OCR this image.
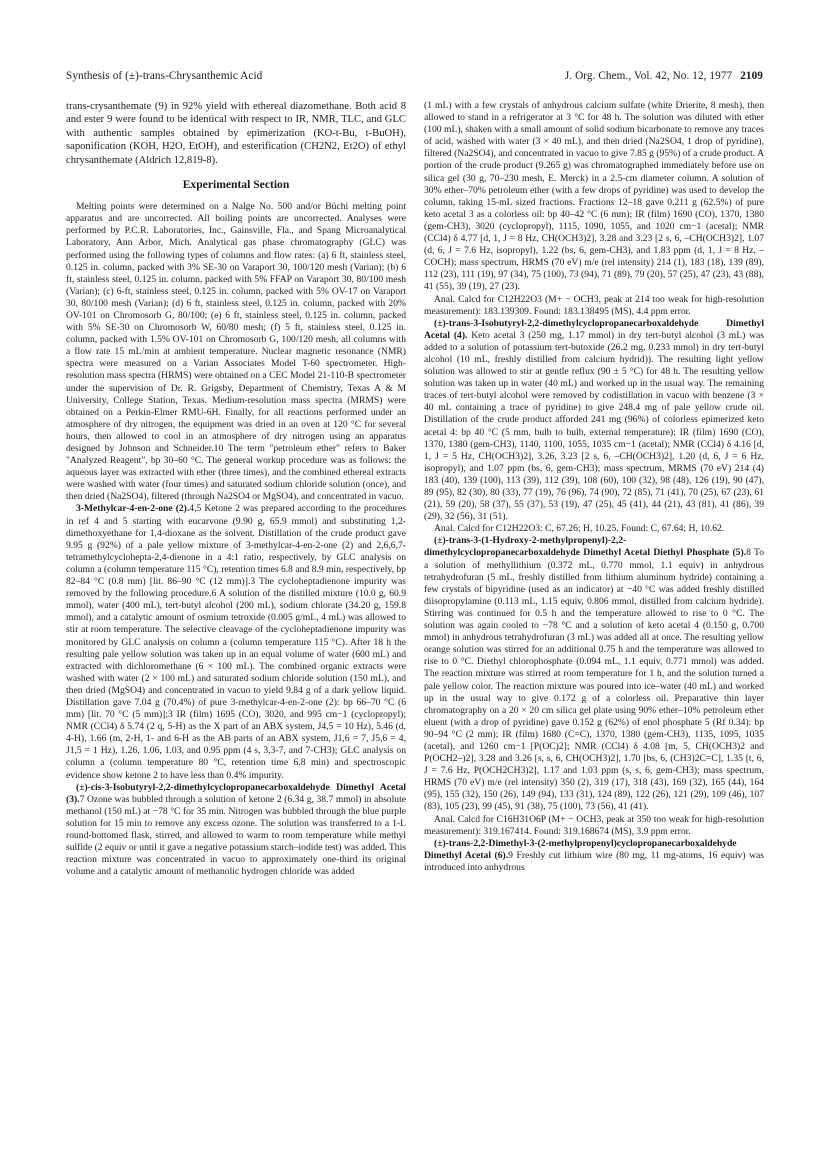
Synthesis of (±)-trans-Chrysanthemic Acid	J. Org. Chem., Vol. 42, No. 12, 1977 2109

trans-crysanthemate (9) in 92% yield with ethereal diazomethane. Both acid 8 and ester 9 were found to be identical with respect to IR, NMR, TLC, and GLC with authentic samples obtained by epimerization (KO-t-Bu, t-BuOH), saponification (KOH, H2O, EtOH), and esterification (CH2N2, Et2O) of ethyl chrysanthemate (Aldrich 12,819-8).

Experimental Section

Melting points were determined on a Nalge No. 500 and/or Büchi melting point apparatus and are uncorrected. All boiling points are uncorrected. Analyses were performed by P.C.R. Laboratories, Inc., Gainsville, Fla., and Spang Microanalytical Laboratory, Ann Arbor, Mich. Analytical gas phase chromatography (GLC) was performed using the following types of columns and flow rates: (a) 6 ft, stainless steel, 0.125 in. column, packed with 3% SE-30 on Varaport 30, 100/120 mesh (Varian); (b) 6 ft, stainless steel, 0.125 in. column, packed with 5% FFAP on Varaport 30, 80/100 mesh (Varian); (c) 6-ft, stainless steel, 0.125 in. column, packed with 5% OV-17 on Varaport 30, 80/100 mesh (Varian); (d) 6 ft, stainless steel, 0.125 in. column, packed with 20% OV-101 on Chromosorb G, 80/100; (e) 6 ft, stainless steel, 0.125 in. column, packed with 5% SE-30 on Chromosorb W, 60/80 mesh; (f) 5 ft, stainless steel, 0.125 in. column, packed with 1.5% OV-101 on Chromosorb G, 100/120 mesh, all columns with a flow rate 15 mL/min at ambient temperature. Nuclear magnetic resonance (NMR) spectra were measured on a Varian Associates Model T-60 spectrometer. High-resolution mass spectra (HRMS) were obtained on a CEC Model 21-110-B spectrometer under the supervision of Dr. R. Grigsby, Department of Chemistry, Texas A & M University, College Station, Texas. Medium-resolution mass spectra (MRMS) were obtained on a Perkin-Elmer RMU-6H. Finally, for all reactions performed under an atmosphere of dry nitrogen, the equipment was dried in an oven at 120 °C for several hours, then allowed to cool in an atmosphere of dry nitrogen using an apparatus designed by Johnson and Schneider.10 The term "petroleum ether" refers to Baker "Analyzed Reagent", bp 30–60 °C. The general workup procedure was as follows: the aqueous layer was extracted with ether (three times), and the combined ethereal extracts were washed with water (four times) and saturated sodium chloride solution (once), and then dried (Na2SO4), filtered (through Na2SO4 or MgSO4), and concentrated in vacuo.

3-Methylcar-4-en-2-one (2).4,5 Ketone 2 was prepared according to the procedures in ref 4 and 5 starting with eucarvone (9.90 g, 65.9 mmol) and substituting 1,2-dimethoxyethane for 1,4-dioxane as the solvent. Distillation of the crude product gave 9.95 g (92%) of a pale yellow mixture of 3-methylcar-4-en-2-one (2) and 2,6,6,7-tetramethylcyclohepta-2,4-dienone in a 4:1 ratio, respectively, by GLC analysis on column a (column temperature 115 °C), retention times 6.8 and 8.9 min, respectively, bp 82–84 °C (0.8 mm) [lit. 86–90 °C (12 mm)].3 The cycloheptadienone impurity was removed by the following procedure.6 A solution of the distilled mixture (10.0 g, 60.9 mmol), water (400 mL), tert-butyl alcohol (200 mL), sodium chlorate (34.20 g, 159.8 mmol), and a catalytic amount of osmium tetroxide (0.005 g/mL, 4 mL) was allowed to stir at room temperature. The selective cleavage of the cycloheptadienone impurity was monitored by GLC analysis on column a (column temperature 115 °C). After 18 h the resulting pale yellow solution was taken up in an equal volume of water (600 mL) and extracted with dichloromethane (6 × 100 mL). The combined organic extracts were washed with water (2 × 100 mL) and saturated sodium chloride solution (150 mL), and then dried (MgSO4) and concentrated in vacuo to yield 9.84 g of a dark yellow liquid. Distillation gave 7.04 g (70.4%) of pure 3-methylcar-4-en-2-one (2): bp 66–70 °C (6 mm) [lit. 70 °C (5 mm)];3 IR (film) 1695 (CO), 3020, and 995 cm−1 (cyclopropyl); NMR (CCl4) δ 5.74 (2 q, 5-H) as the X part of an ABX system, J4,5 = 10 Hz), 5.46 (d, 4-H), 1.66 (m, 2-H, 1- and 6-H as the AB parts of an ABX system, J1,6 = 7, J5,6 = 4, J1,5 = 1 Hz), 1.26, 1.06, 1.03, and 0.95 ppm (4 s, 3,3-7, and 7-CH3); GLC analysis on column a (column temperature 80 °C, retention time 6.8 min) and spectroscopic evidence show ketone 2 to have less than 0.4% impurity.

(±)-cis-3-Isobutyryl-2,2-dimethylcyclopropanecarboxaldehyde Dimethyl Acetal (3).7 Ozone was bubbled through a solution of ketone 2 (6.34 g, 38.7 mmol) in absolute methanol (150 mL) at −78 °C for 35 min. Nitrogen was bubbled through the blue purple solution for 15 min to remove any excess ozone. The solution was transferred to a 1-L round-bottomed flask, stirred, and allowed to warm to room temperature while methyl sulfide (2 equiv or until it gave a negative potassium starch–iodide test) was added. This reaction mixture was concentrated in vacuo to approximately one-third its original volume and a catalytic amount of methanolic hydrogen chloride was added

(1 mL) with a few crystals of anhydrous calcium sulfate (white Drierite, 8 mesh), then allowed to stand in a refrigerator at 3 °C for 48 h. The solution was diluted with ether (100 mL), shaken with a small amount of solid sodium bicarbonate to remove any traces of acid, washed with water (3 × 40 mL), and then dried (Na2SO4, 1 drop of pyridine), filtered (Na2SO4), and concentrated in vacuo to give 7.85 g (95%) of a crude product. A portion of the crude product (9.265 g) was chromatographed immediately before use on silica gel (30 g, 70–230 mesh, E. Merck) in a 2.5-cm diameter column. A solution of 30% ether–70% petroleum ether (with a few drops of pyridine) was used to develop the column, taking 15-mL sized fractions. Fractions 12–18 gave 0.211 g (62.5%) of pure keto acetal 3 as a colorless oil: bp 40–42 °C (6 mm); IR (film) 1690 (CO), 1370, 1380 (gem-CH3), 3020 (cyclopropyl), 1115, 1090, 1055, and 1020 cm−1 (acetal); NMR (CCl4) δ 4.77 [d, 1, J = 8 Hz, CH(OCH3)2], 3.28 and 3.23 [2 s, 6, –CH(OCH3)2], 1.07 (d, 6, J = 7.6 Hz, isopropyl), 1.22 (bs, 6, gem-CH3), and 1.83 ppm (d, 1, J = 8 Hz, –COCH); mass spectrum, HRMS (70 eV) m/e (rel intensity) 214 (1), 183 (18), 139 (89), 112 (23), 111 (19), 97 (34), 75 (100), 73 (94), 71 (89), 79 (20), 57 (25), 47 (23), 43 (88), 41 (55), 39 (19), 27 (23).

Anal. Calcd for C12H22O3 (M+ − OCH3, peak at 214 too weak for high-resolution measurement): 183.139309. Found: 183.138495 (MS), 4.4 ppm error.

(±)-trans-3-Isobutyryl-2,2-dimethylcyclopropanecarboxaldehyde Dimethyl Acetal (4). Keto acetal 3 (250 mg, 1.17 mmol) in dry tert-butyl alcohol (3 mL) was added to a solution of potassium tert-butoxide (26.2 mg, 0.233 mmol) in dry tert-butyl alcohol (10 mL, freshly distilled from calcium hydrid)). The resulting light yellow solution was allowed to stir at gentle reflux (90 ± 5 °C) for 48 h. The resulting yellow solution was taken up in water (40 mL) and worked up in the usual way. The remaining traces of tert-butyl alcohol were removed by codistillation in vacuo with benzene (3 × 40 mL containing a trace of pyridine) to give 248.4 mg of pale yellow crude oil. Distillation of the crude product afforded 241 mg (96%) of colorless epimerized keto acetal 4: bp 40 °C (5 mm, bulb to bulb, external temperature); IR (film) 1690 (CO), 1370, 1380 (gem-CH3), 1140, 1100, 1055, 1035 cm−1 (acetal); NMR (CCl4) δ 4.16 [d, 1, J = 5 Hz, CH(OCH3)2], 3.26, 3.23 [2 s, 6, –CH(OCH3)2], 1.20 (d, 6, J = 6 Hz, isopropyl), and 1.07 ppm (bs, 6, gem-CH3); mass spectrum, MRMS (70 eV) 214 (4) 183 (40), 139 (100), 113 (39), 112 (39), 108 (60), 100 (32), 98 (48), 126 (19), 90 (47), 89 (95), 82 (30), 80 (33), 77 (19), 76 (96), 74 (90), 72 (85), 71 (41), 70 (25), 67 (23), 61 (21), 59 (20), 58 (37), 55 (37), 53 (19), 47 (25), 45 (41), 44 (21), 43 (81), 41 (86), 39 (29), 32 (56), 31 (51).

Anal. Calcd for C12H22O3: C, 67.26; H, 10.25. Found: C, 67.64; H, 10.62.

(±)-trans-3-(1-Hydroxy-2-methylpropenyl)-2,2-dimethylcyclopropanecarboxaldehyde Dimethyl Acetal Diethyl Phosphate (5).8 To a solution of methyllithium (0.372 mL, 0.770 mmol, 1.1 equiv) in anhydrous tetrahydrofuran (5 mL, freshly distilled from lithium aluminum hydride) containing a few crystals of bipyridine (used as an indicator) at −40 °C was added freshly distilled diisopropylamine (0.113 mL, 1.15 equiv, 0.806 mmol, distilled from calcium hydride). Stirring was continued for 0.5 h and the temperature allowed to rise to 0 °C. The solution was again cooled to −78 °C and a solution of keto acetal 4 (0.150 g, 0.700 mmol) in anhydrous tetrahydrofuran (3 mL) was added all at once. The resulting yellow orange solution was stirred for an additional 0.75 h and the temperature was allowed to rise to 0 °C. Diethyl chlorophosphate (0.094 mL, 1.1 equiv, 0.771 mmol) was added. The reaction mixture was stirred at room temperature for 1 h, and the solution turned a pale yellow color. The reaction mixture was poured into ice–water (40 mL) and worked up in the usual way to give 0.172 g of a colorless oil. Preparative thin layer chromatography on a 20 × 20 cm silica gel plate using 90% ether–10% petroleum ether eluent (with a drop of pyridine) gave 0.152 g (62%) of enol phosphate 5 (Rf 0.34): bp 90–94 °C (2 mm); IR (film) 1680 (C=C), 1370, 1380 (gem-CH3), 1135, 1095, 1035 (acetal), and 1260 cm−1 [P(OC)2]; NMR (CCl4) δ 4.08 [m, 5, CH(OCH3)2 and P(OCH2–)2], 3.28 and 3.26 [s, s, 6, CH(OCH3)2], 1.70 [bs, 6, (CH3)2C=C], 1.35 [t, 6, J = 7.6 Hz, P(OCH2CH3)2], 1.17 and 1.03 ppm (s, s, 6, gem-CH3); mass spectrum, HRMS (70 eV) m/e (rel intensity) 350 (2), 319 (17), 318 (43), 169 (32), 165 (44), 164 (95), 155 (32), 150 (26), 149 (94), 133 (31), 124 (89), 122 (26), 121 (29), 109 (46), 107 (83), 105 (23), 99 (45), 91 (38), 75 (100), 73 (56), 41 (41).

Anal. Calcd for C16H31O6P (M+ − OCH3, peak at 350 too weak for high-resolution measurement): 319.167414. Found: 319.168674 (MS), 3.9 ppm error.

(±)-trans-2,2-Dimethyl-3-(2-methylpropenyl)cyclopropanecarboxaldehyde Dimethyl Acetal (6).9 Freshly cut lithium wire (80 mg, 11 mg-atoms, 16 equiv) was introduced into anhydrous
